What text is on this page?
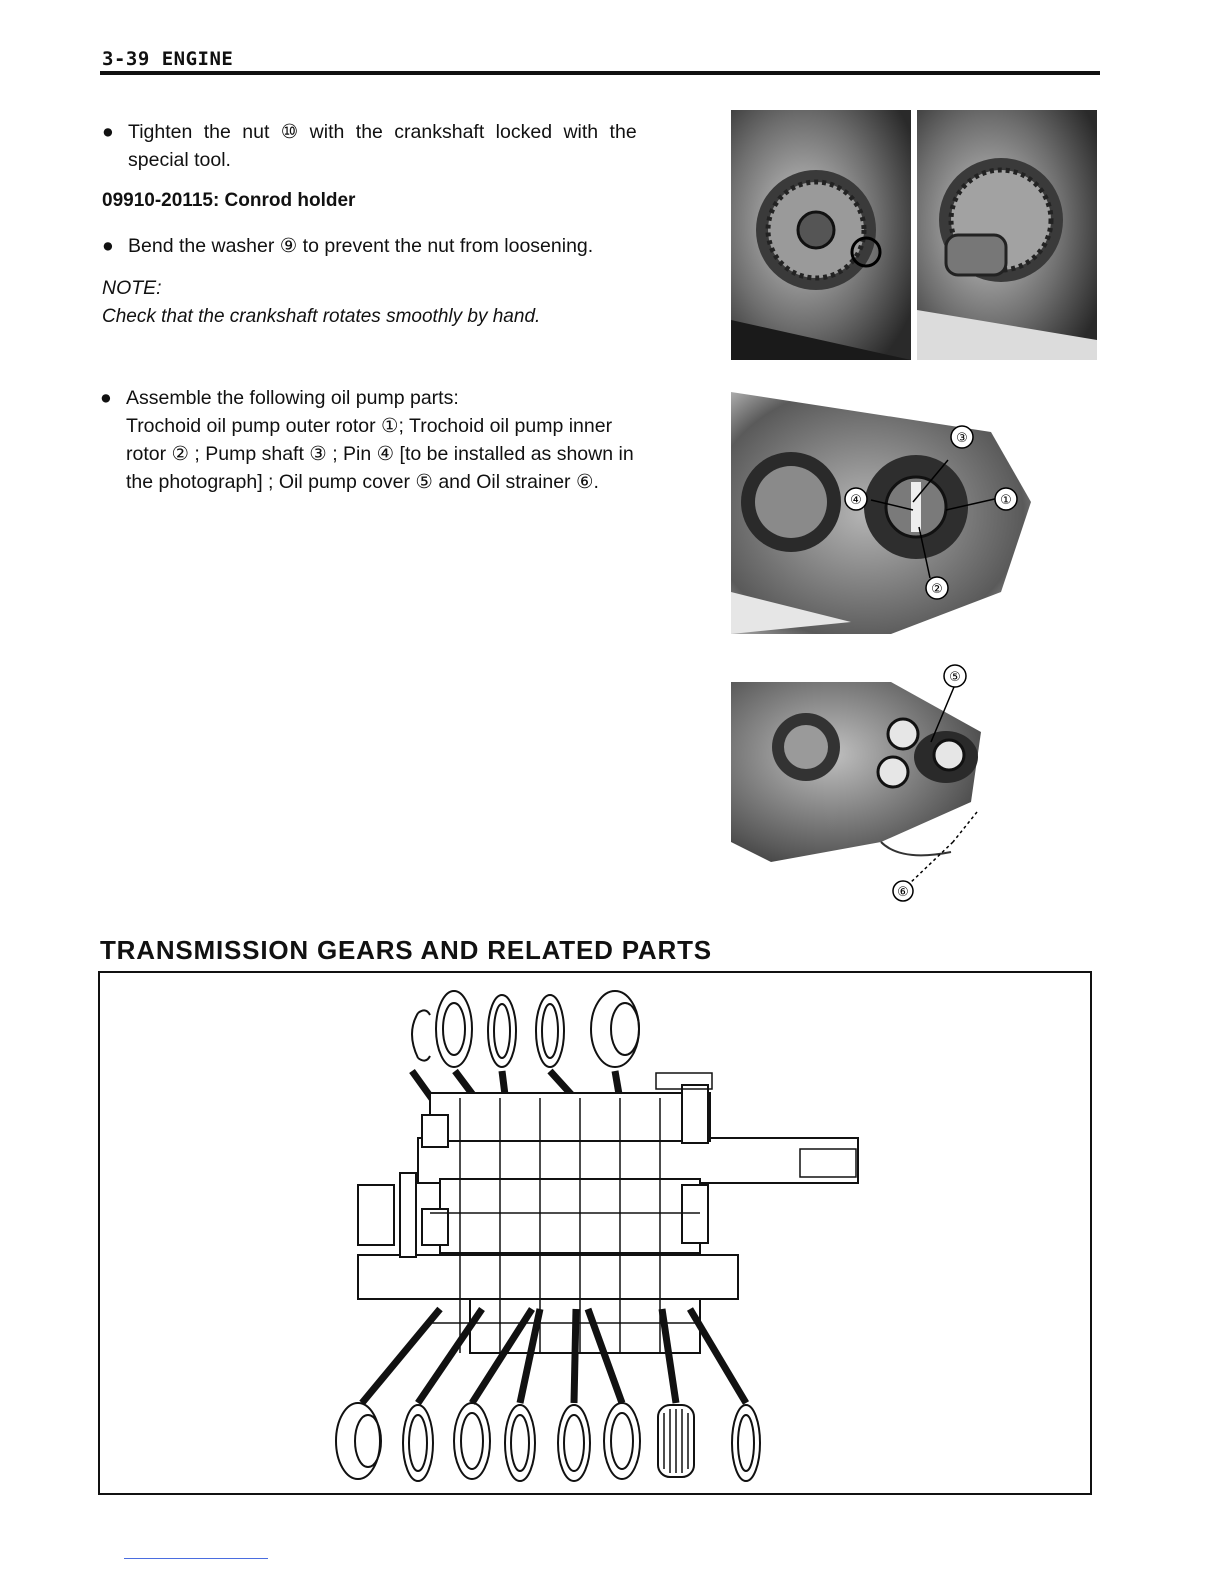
3-39 ENGINE
● Tighten the nut ⑩ with the crankshaft locked with the
special tool.
09910-20115: Conrod holder
● Bend the washer ⑨ to prevent the nut from loosening.
NOTE:
Check that the crankshaft rotates smoothly by hand.
● Assemble the following oil pump parts:
Trochoid oil pump outer rotor ①; Trochoid oil pump inner
rotor ② ; Pump shaft ③ ; Pin ④ [to be installed as shown in
the photograph] ; Oil pump cover ⑤ and Oil strainer ⑥.
③
④	①
②
⑤
⑥
TRANSMISSION GEARS AND RELATED PARTS
